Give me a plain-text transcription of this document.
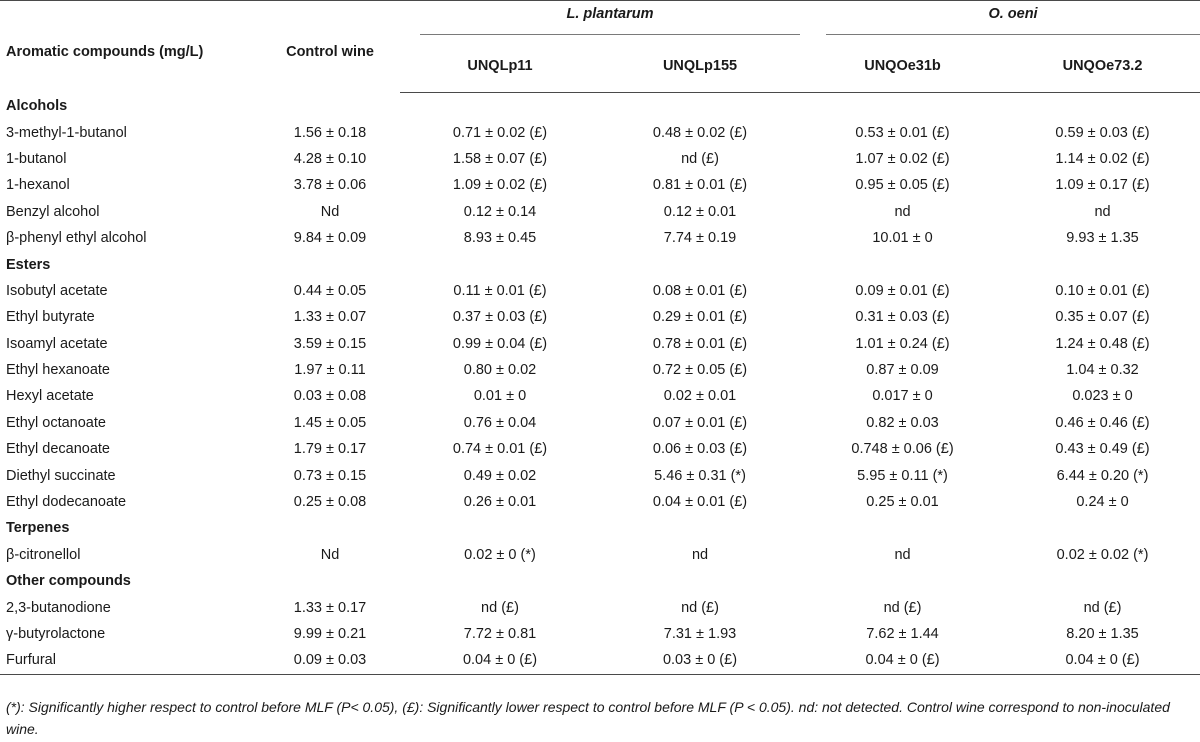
Aromatic compounds (mg/L)	Control wine	L. plantarum		O. oeni	

		UNQLp11	UNQLp155	UNQOe31b	UNQOe73.2
Alcohols					
3-methyl-1-butanol	1.56 ± 0.18	0.71 ± 0.02 (£)	0.48 ± 0.02 (£)	0.53 ± 0.01 (£)	0.59 ± 0.03 (£)
1-butanol	4.28 ± 0.10	1.58 ± 0.07 (£)	nd (£)	1.07 ± 0.02 (£)	1.14 ± 0.02 (£)
1-hexanol	3.78 ± 0.06	1.09 ± 0.02 (£)	0.81 ± 0.01 (£)	0.95 ± 0.05 (£)	1.09 ± 0.17 (£)
Benzyl alcohol	Nd	0.12 ± 0.14	0.12 ± 0.01	nd	nd
β-phenyl ethyl alcohol	9.84 ± 0.09	8.93 ± 0.45	7.74 ± 0.19	10.01 ± 0	9.93 ± 1.35
Esters					
Isobutyl acetate	0.44 ± 0.05	0.11 ± 0.01 (£)	0.08 ± 0.01 (£)	0.09 ± 0.01 (£)	0.10 ± 0.01 (£)
Ethyl butyrate	1.33 ± 0.07	0.37 ± 0.03 (£)	0.29 ± 0.01 (£)	0.31 ± 0.03 (£)	0.35 ± 0.07 (£)
Isoamyl acetate	3.59 ± 0.15	0.99 ± 0.04 (£)	0.78 ± 0.01 (£)	1.01 ± 0.24 (£)	1.24 ± 0.48 (£)
Ethyl hexanoate	1.97 ± 0.11	0.80 ± 0.02	0.72 ± 0.05 (£)	0.87 ± 0.09	1.04 ± 0.32
Hexyl acetate	0.03 ± 0.08	0.01 ± 0	0.02 ± 0.01	0.017 ± 0	0.023 ± 0
Ethyl octanoate	1.45 ± 0.05	0.76 ± 0.04	0.07 ± 0.01 (£)	0.82 ± 0.03	0.46 ± 0.46 (£)
Ethyl decanoate	1.79 ± 0.17	0.74 ± 0.01 (£)	0.06 ± 0.03 (£)	0.748 ± 0.06 (£)	0.43 ± 0.49 (£)
Diethyl succinate	0.73 ± 0.15	0.49 ± 0.02	5.46 ± 0.31 (*)	5.95 ± 0.11 (*)	6.44 ± 0.20 (*)
Ethyl dodecanoate	0.25 ± 0.08	0.26 ± 0.01	0.04 ± 0.01 (£)	0.25 ± 0.01	0.24 ± 0
Terpenes					
β-citronellol	Nd	0.02 ± 0 (*)	nd	nd	0.02 ± 0.02 (*)
Other compounds					
2,3-butanodione	1.33 ± 0.17	nd (£)	nd (£)	nd (£)	nd (£)
γ-butyrolactone	9.99 ± 0.21	7.72 ± 0.81	7.31 ± 1.93	7.62 ± 1.44	8.20 ± 1.35
Furfural	0.09 ± 0.03	0.04 ± 0 (£)	0.03 ± 0 (£)	0.04 ± 0 (£)	0.04 ± 0 (£)
(*): Significantly higher respect to control before MLF (P< 0.05), (£): Significantly lower respect to control before MLF (P < 0.05). nd: not detected. Control wine correspond to non-inoculated wine.
